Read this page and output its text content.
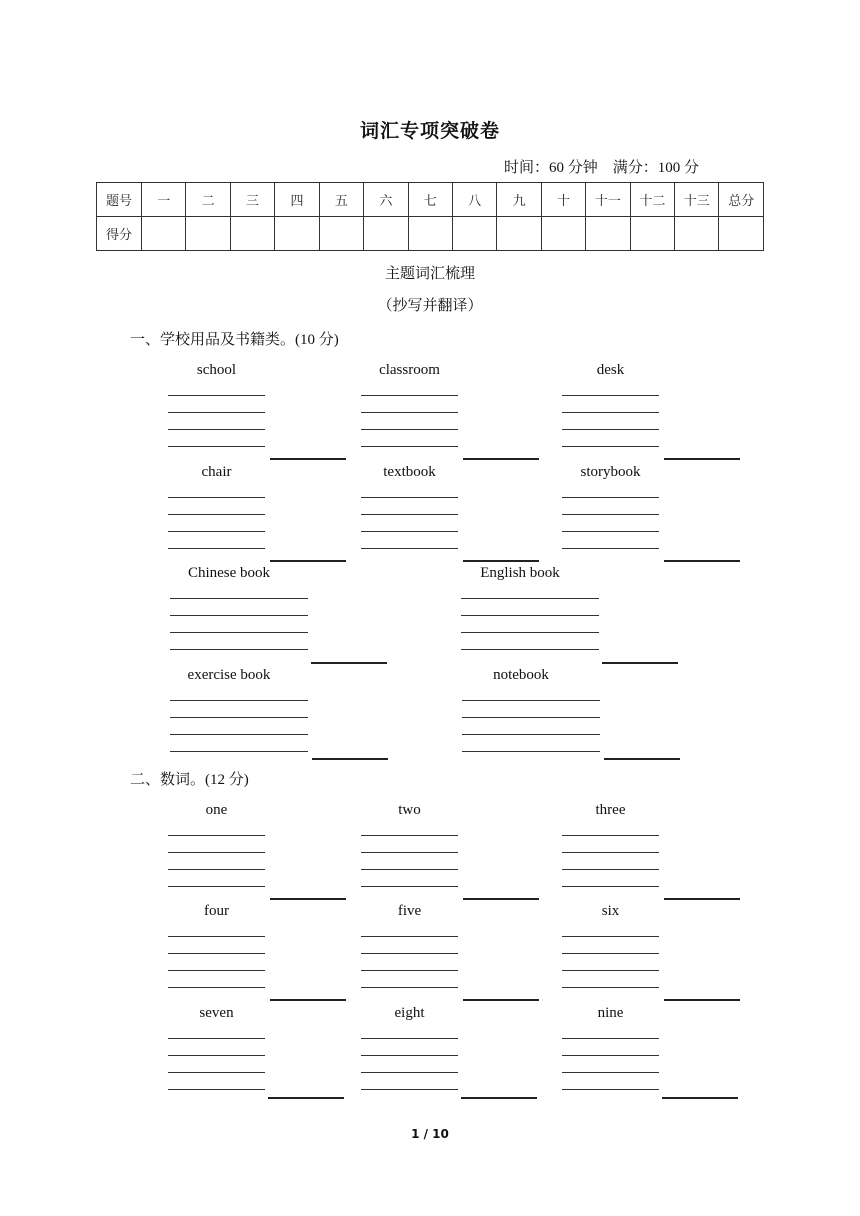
词汇专项突破卷
时间：60 分钟    满分：100 分
题号	一	二	三	四	五	六	七	八	九	十	十一	十二	十三	总分
得分														
主题词汇梳理
（抄写并翻译）
一、学校用品及书籍类。(10 分)
二、数词。(12 分)
school	classroom	desk
chair	textbook	storybook
Chinese book	English book
exercise book	notebook
one	two	three
four	five	six
seven	eight	nine
1 / 10
